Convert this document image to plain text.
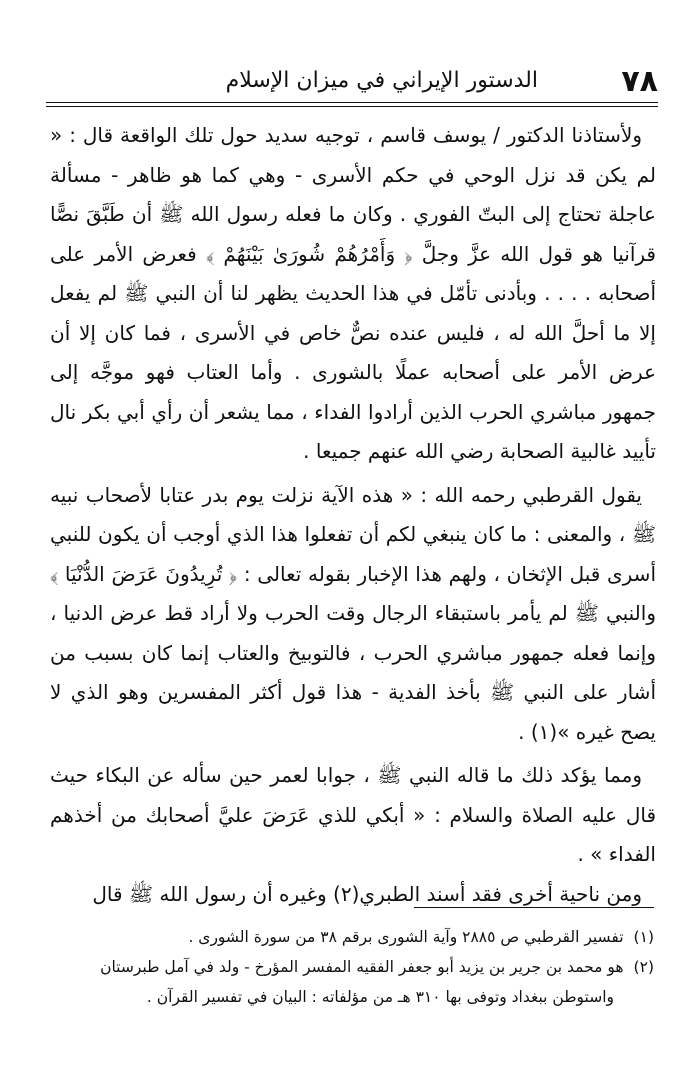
٧٨
الدستور الإيراني في ميزان الإسلام

ولأستاذنا الدكتور / يوسف قاسم ، توجيه سديد حول تلك الواقعة قال : « لم يكن قد نزل الوحي في حكم الأسرى - وهي كما هو ظاهر - مسألة عاجلة تحتاج إلى البتّ الفوري . وكان ما فعله رسول الله ﷺ أن طَبَّقَ نصًّا قرآنيا هو قول الله عزَّ وجلَّ ﴿ وَأَمْرُهُمْ شُورَىٰ بَيْنَهُمْ ﴾ فعرض الأمر على أصحابه . . . . وبأدنى تأمّل في هذا الحديث يظهر لنا أن النبي ﷺ لم يفعل إلا ما أحلَّ الله له ، فليس عنده نصٌّ خاص في الأسرى ، فما كان إلا أن عرض الأمر على أصحابه عملًا بالشورى . وأما العتاب فهو موجَّه إلى جمهور مباشري الحرب الذين أرادوا الفداء ، مما يشعر أن رأي أبي بكر نال تأييد غالبية الصحابة رضي الله عنهم جميعا .

يقول القرطبي رحمه الله : « هذه الآية نزلت يوم بدر عتابا لأصحاب نبيه ﷺ ، والمعنى : ما كان ينبغي لكم أن تفعلوا هذا الذي أوجب أن يكون للنبي أسرى قبل الإثخان ، ولهم هذا الإخبار بقوله تعالى : ﴿ تُرِيدُونَ عَرَضَ الدُّنْيَا ﴾ والنبي ﷺ لم يأمر باستبقاء الرجال وقت الحرب ولا أراد قط عرض الدنيا ، وإنما فعله جمهور مباشري الحرب ، فالتوبيخ والعتاب إنما كان بسبب من أشار على النبي ﷺ بأخذ الفدية - هذا قول أكثر المفسرين وهو الذي لا يصح غيره »(١) .

ومما يؤكد ذلك ما قاله النبي ﷺ ، جوابا لعمر حين سأله عن البكاء حيث قال عليه الصلاة والسلام : « أبكي للذي عَرَضَ عليَّ أصحابك من أخذهم الفداء » .

ومن ناحية أخرى فقد أسند الطبري(٢) وغيره أن رسول الله ﷺ قال

(١)تفسير القرطبي ص ٢٨٨٥ وآية الشورى برقم ٣٨ من سورة الشورى .

(٢)هو محمد بن جرير بن يزيد أبو جعفر الفقيه المفسر المؤرخ - ولد في آمل طبرستان

واستوطن ببغداد وتوفى بها ٣١٠ هـ من مؤلفاته : البيان في تفسير القرآن .
